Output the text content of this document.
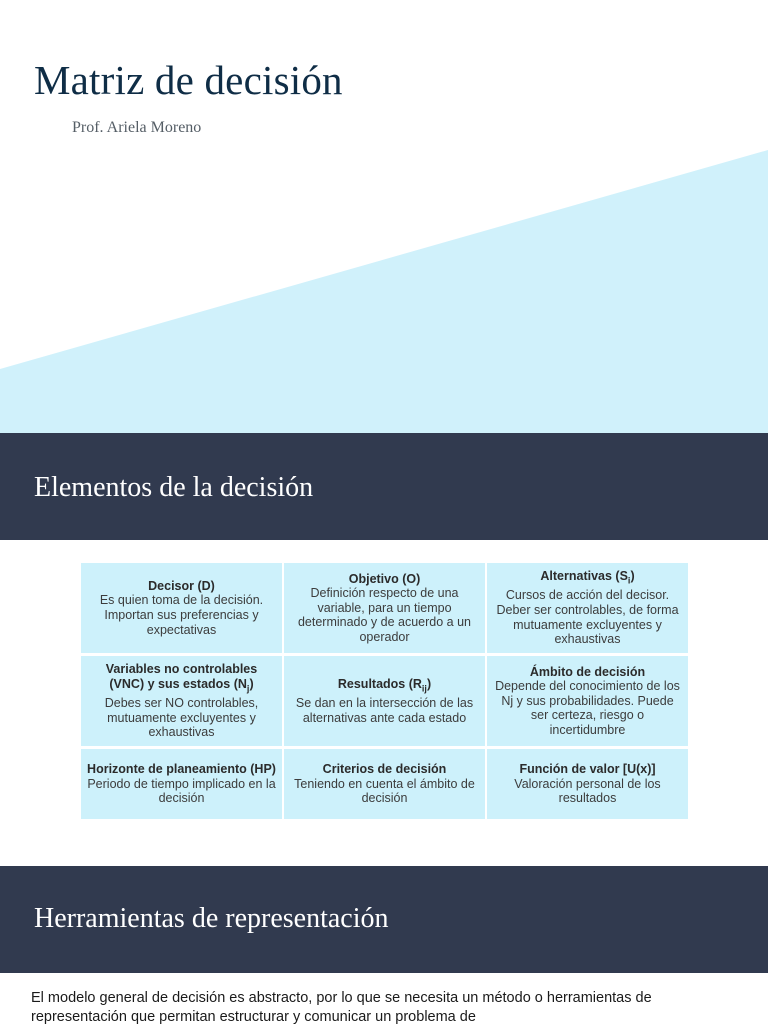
Matriz de decisión

Prof. Ariela Moreno

Elementos de la decisión
Decisor (D)
Es quien toma de la decisión. Importan sus preferencias y expectativas
Objetivo (O)
Definición respecto de una variable, para un tiempo determinado y de acuerdo a un operador
Alternativas $(S_i)$
Cursos de acción del decisor. Deber ser controlables, de forma mutuamente excluyentes y exhaustivas
Variables no controlables (VNC) y sus estados $(N_j)$
Debes ser NO controlables, mutuamente excluyentes y exhaustivas
Resultados $(R_{ij})$
Se dan en la intersección de las alternativas ante cada estado
Ámbito de decisión
Depende del conocimiento de los Nj y sus probabilidades. Puede ser certeza, riesgo o incertidumbre
Horizonte de planeamiento (HP)
Periodo de tiempo implicado en la decisión
Criterios de decisión
Teniendo en cuenta el ámbito de decisión
Función de valor [U(x)]
Valoración personal de los resultados
Herramientas de representación

El modelo general de decisión es abstracto, por lo que se necesita un método o herramientas de representación que permitan estructurar y comunicar un problema de
